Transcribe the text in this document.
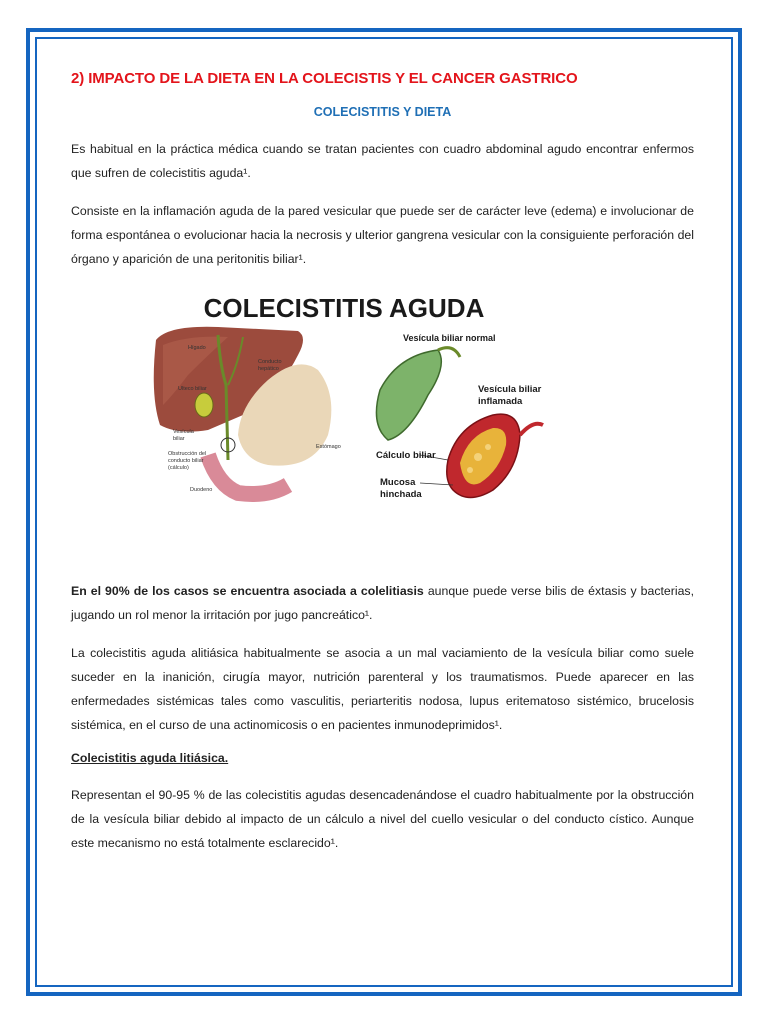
2) IMPACTO DE LA DIETA EN LA COLECISTIS Y EL CANCER GASTRICO
COLECISTITIS Y DIETA

Es habitual en la práctica médica cuando se tratan pacientes con cuadro abdominal agudo encontrar enfermos que sufren de colecistitis aguda¹.

Consiste en la inflamación aguda de la pared vesicular que puede ser de carácter leve (edema) e involucionar de forma espontánea o evolucionar hacia la necrosis y ulterior gangrena vesicular con la consiguiente perforación del órgano y aparición de una peritonitis biliar¹.

COLECISTITIS AGUDA
Hígado
Conducto
hepático
Ulteco biliar
Vesícula
biliar
Obstrucción del
conducto biliar
(cálculo)
Estómago
Duodeno
Vesícula biliar normal
Vesícula biliar
inflamada
Cálculo biliar
Mucosa
hinchada

En el 90% de los casos se encuentra asociada a colelitiasis aunque puede verse bilis de éxtasis y bacterias, jugando un rol menor la irritación por jugo pancreático¹.

La colecistitis aguda alitiásica habitualmente se asocia a un mal vaciamiento de la vesícula biliar como suele suceder en la inanición, cirugía mayor, nutrición parenteral y los traumatismos. Puede aparecer en las enfermedades sistémicas tales como vasculitis, periarteritis nodosa, lupus eritematoso sistémico, brucelosis sistémica, en el curso de una actinomicosis o en pacientes inmunodeprimidos¹.

Colecistitis aguda litiásica.

Representan el 90-95 % de las colecistitis agudas desencadenándose el cuadro habitualmente por la obstrucción de la vesícula biliar debido al impacto de un cálculo a nivel del cuello vesicular o del conducto cístico. Aunque este mecanismo no está totalmente esclarecido¹.
